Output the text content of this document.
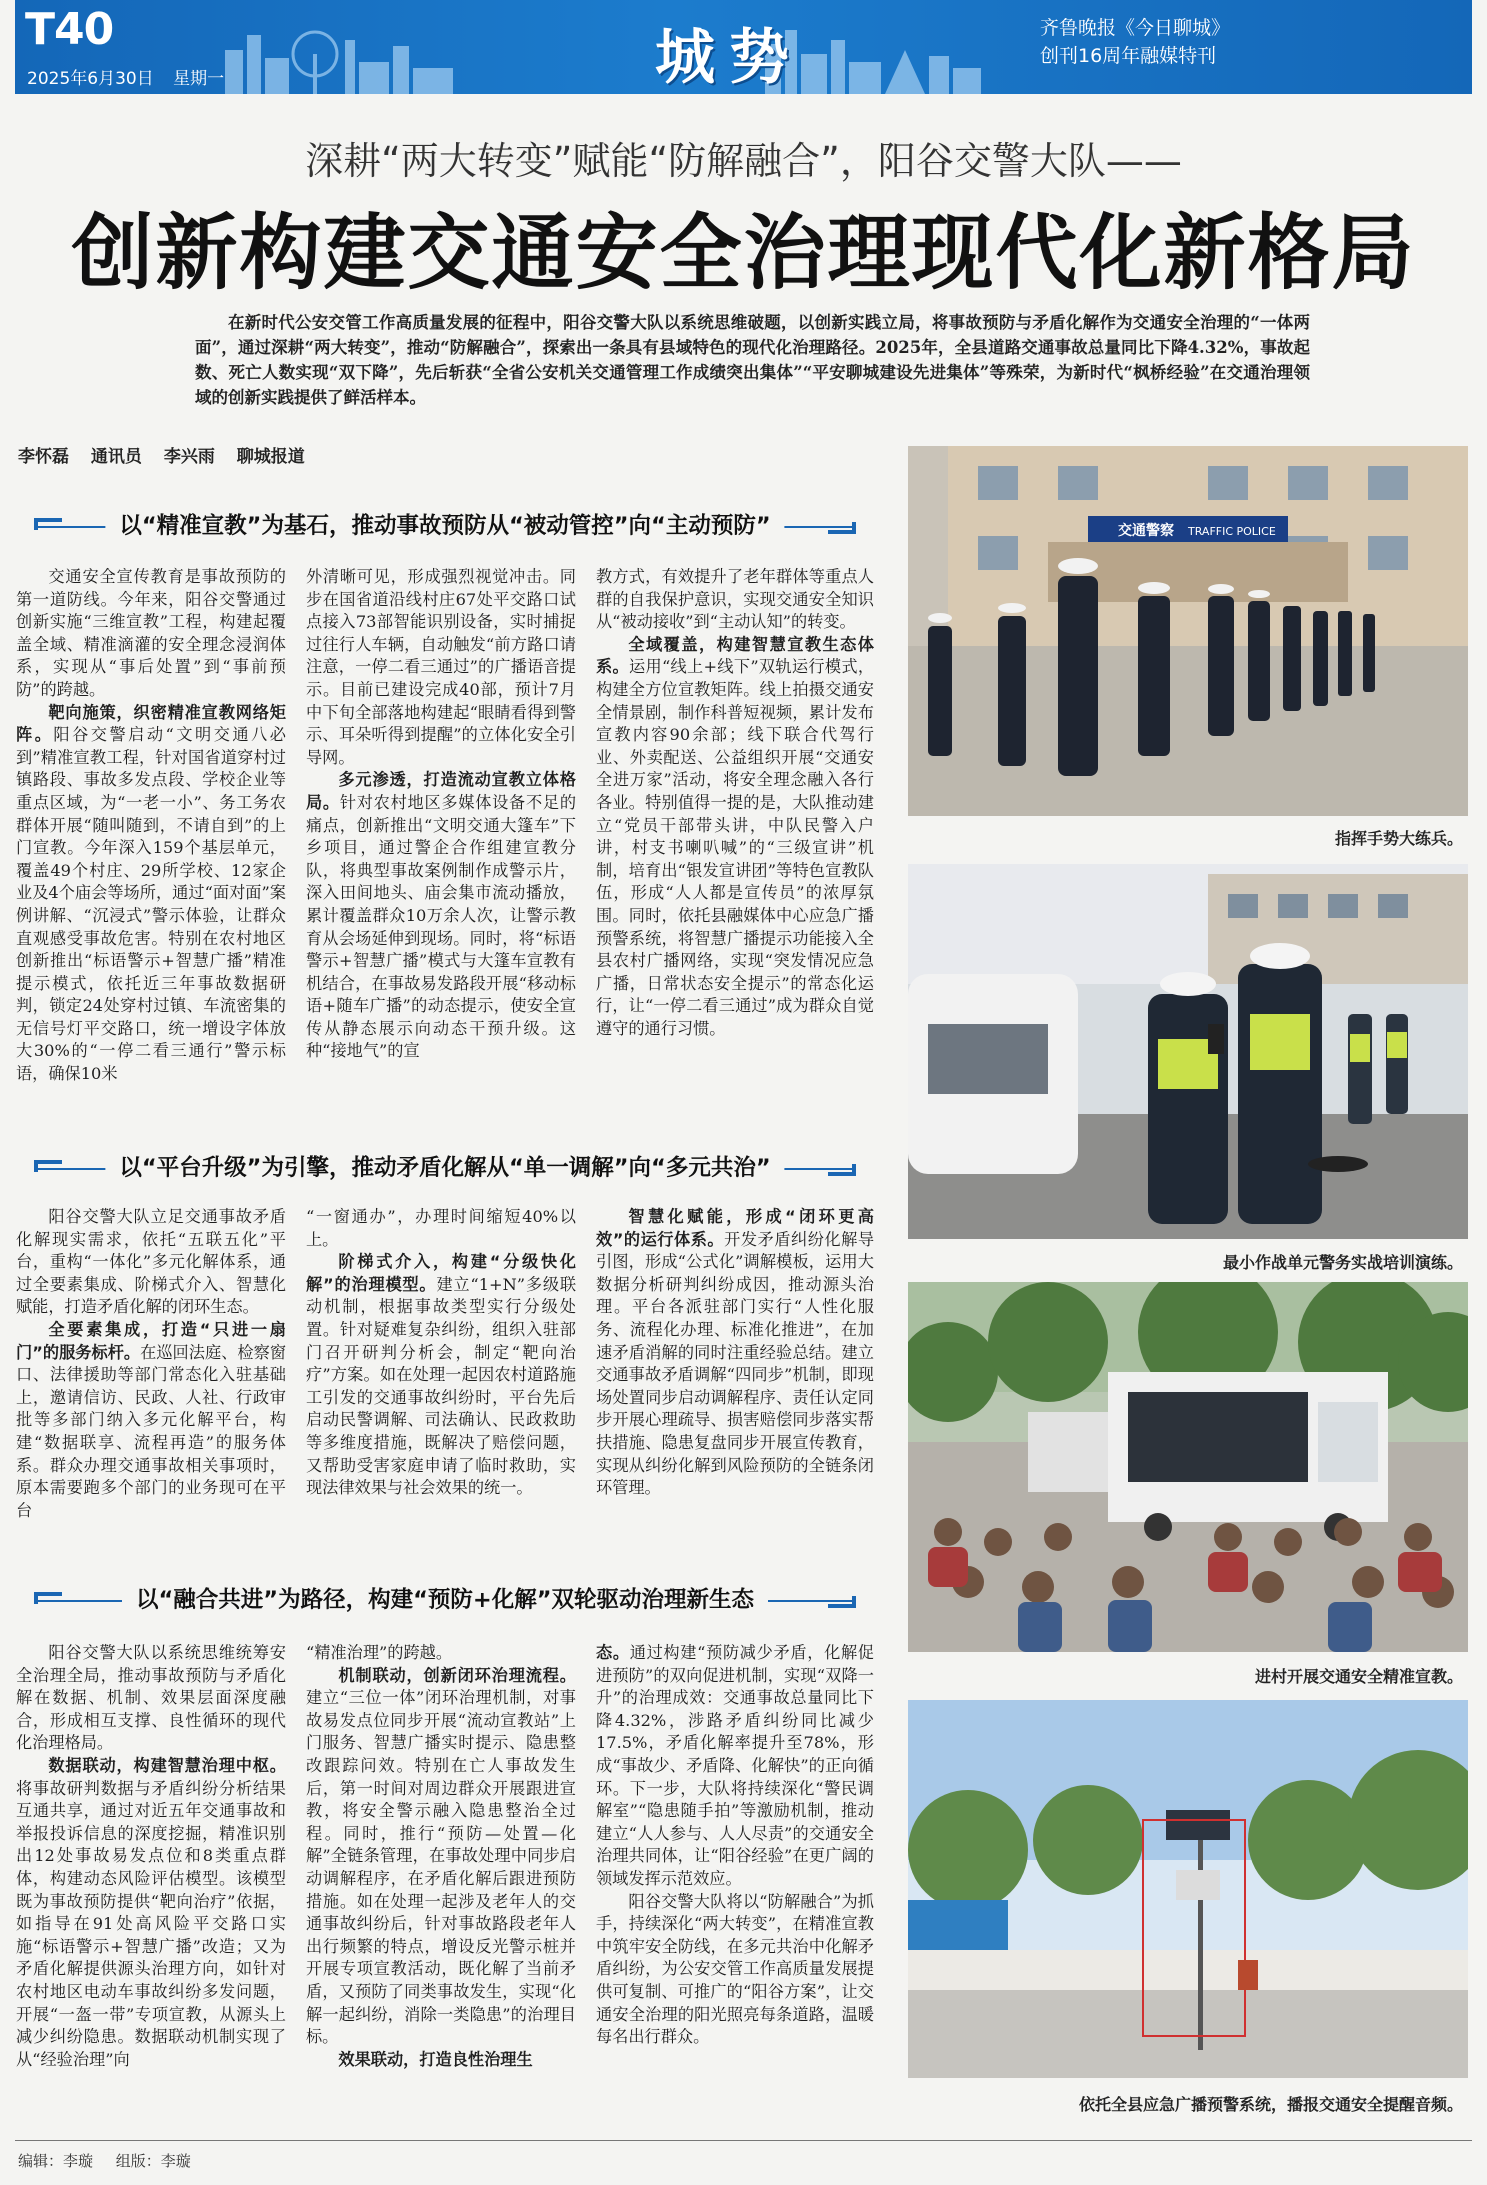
T40
2025年6月30日 星期一	城势	齐鲁晚报《今日聊城》
创刊16周年融媒特刊
深耕“两大转变”赋能“防解融合”，阳谷交警大队——
创新构建交通安全治理现代化新格局
在新时代公安交管工作高质量发展的征程中，阳谷交警大队以系统思维破题，以创新实践立局，将事故预防与矛盾化解作为交通安全治理的“一体两面”，通过深耕“两大转变”，推动“防解融合”，探索出一条具有县域特色的现代化治理路径。2025年，全县道路交通事故总量同比下降4.32%，事故起数、死亡人数实现“双下降”，先后斩获“全省公安机关交通管理工作成绩突出集体”“平安聊城建设先进集体”等殊荣，为新时代“枫桥经验”在交通治理领域的创新实践提供了鲜活样本。
李怀磊 通讯员 李兴雨 聊城报道
以“精准宣教”为基石，推动事故预防从“被动管控”向“主动预防”

交通安全宣传教育是事故预防的第一道防线。今年来，阳谷交警通过创新实施“三维宣教”工程，构建起覆盖全域、精准滴灌的安全理念浸润体系，实现从“事后处置”到“事前预防”的跨越。

靶向施策，织密精准宣教网络矩阵。阳谷交警启动“文明交通八必到”精准宣教工程，针对国省道穿村过镇路段、事故多发点段、学校企业等重点区域，为“一老一小”、务工务农群体开展“随叫随到，不请自到”的上门宣教。今年深入159个基层单元，覆盖49个村庄、29所学校、12家企业及4个庙会等场所，通过“面对面”案例讲解、“沉浸式”警示体验，让群众直观感受事故危害。特别在农村地区创新推出“标语警示+智慧广播”精准提示模式，依托近三年事故数据研判，锁定24处穿村过镇、车流密集的无信号灯平交路口，统一增设字体放大30%的“一停二看三通行”警示标语，确保10米

外清晰可见，形成强烈视觉冲击。同步在国省道沿线村庄67处平交路口试点接入73部智能识别设备，实时捕捉过往行人车辆，自动触发“前方路口请注意，一停二看三通过”的广播语音提示。目前已建设完成40部，预计7月中下旬全部落地构建起“眼睛看得到警示、耳朵听得到提醒”的立体化安全引导网。

多元渗透，打造流动宣教立体格局。针对农村地区多媒体设备不足的痛点，创新推出“文明交通大篷车”下乡项目，通过警企合作组建宣教分队，将典型事故案例制作成警示片，深入田间地头、庙会集市流动播放，累计覆盖群众10万余人次，让警示教育从会场延伸到现场。同时，将“标语警示+智慧广播”模式与大篷车宣教有机结合，在事故易发路段开展“移动标语+随车广播”的动态提示，使安全宣传从静态展示向动态干预升级。这种“接地气”的宣

教方式，有效提升了老年群体等重点人群的自我保护意识，实现交通安全知识从“被动接收”到“主动认知”的转变。

全域覆盖，构建智慧宣教生态体系。运用“线上+线下”双轨运行模式，构建全方位宣教矩阵。线上拍摄交通安全情景剧，制作科普短视频，累计发布宣教内容90余部；线下联合代驾行业、外卖配送、公益组织开展“交通安全进万家”活动，将安全理念融入各行各业。特别值得一提的是，大队推动建立“党员干部带头讲，中队民警入户讲，村支书喇叭喊”的“三级宣讲”机制，培育出“银发宣讲团”等特色宣教队伍，形成“人人都是宣传员”的浓厚氛围。同时，依托县融媒体中心应急广播预警系统，将智慧广播提示功能接入全县农村广播网络，实现“突发情况应急广播，日常状态安全提示”的常态化运行，让“一停二看三通过”成为群众自觉遵守的通行习惯。

以“平台升级”为引擎，推动矛盾化解从“单一调解”向“多元共治”

阳谷交警大队立足交通事故矛盾化解现实需求，依托“五联五化”平台，重构“一体化”多元化解体系，通过全要素集成、阶梯式介入、智慧化赋能，打造矛盾化解的闭环生态。

全要素集成，打造“只进一扇门”的服务标杆。在巡回法庭、检察窗口、法律援助等部门常态化入驻基础上，邀请信访、民政、人社、行政审批等多部门纳入多元化解平台，构建“数据联享、流程再造”的服务体系。群众办理交通事故相关事项时，原本需要跑多个部门的业务现可在平台

“一窗通办”，办理时间缩短40%以上。

阶梯式介入，构建“分级快化解”的治理模型。建立“1+N”多级联动机制，根据事故类型实行分级处置。针对疑难复杂纠纷，组织入驻部门召开研判分析会，制定“靶向治疗”方案。如在处理一起因农村道路施工引发的交通事故纠纷时，平台先后启动民警调解、司法确认、民政救助等多维度措施，既解决了赔偿问题，又帮助受害家庭申请了临时救助，实现法律效果与社会效果的统一。

智慧化赋能，形成“闭环更高效”的运行体系。开发矛盾纠纷化解导引图，形成“公式化”调解模板，运用大数据分析研判纠纷成因，推动源头治理。平台各派驻部门实行“人性化服务、流程化办理、标准化推进”，在加速矛盾消解的同时注重经验总结。建立交通事故矛盾调解“四同步”机制，即现场处置同步启动调解程序、责任认定同步开展心理疏导、损害赔偿同步落实帮扶措施、隐患复盘同步开展宣传教育，实现从纠纷化解到风险预防的全链条闭环管理。

以“融合共进”为路径，构建“预防+化解”双轮驱动治理新生态

阳谷交警大队以系统思维统筹安全治理全局，推动事故预防与矛盾化解在数据、机制、效果层面深度融合，形成相互支撑、良性循环的现代化治理格局。

数据联动，构建智慧治理中枢。将事故研判数据与矛盾纠纷分析结果互通共享，通过对近五年交通事故和举报投诉信息的深度挖掘，精准识别出12处事故易发点位和8类重点群体，构建动态风险评估模型。该模型既为事故预防提供“靶向治疗”依据，如指导在91处高风险平交路口实施“标语警示+智慧广播”改造；又为矛盾化解提供源头治理方向，如针对农村地区电动车事故纠纷多发问题，开展“一盔一带”专项宣教，从源头上减少纠纷隐患。数据联动机制实现了从“经验治理”向

“精准治理”的跨越。

机制联动，创新闭环治理流程。建立“三位一体”闭环治理机制，对事故易发点位同步开展“流动宣教站”上门服务、智慧广播实时提示、隐患整改跟踪问效。特别在亡人事故发生后，第一时间对周边群众开展跟进宣教，将安全警示融入隐患整治全过程。同时，推行“预防—处置—化解”全链条管理，在事故处理中同步启动调解程序，在矛盾化解后跟进预防措施。如在处理一起涉及老年人的交通事故纠纷后，针对事故路段老年人出行频繁的特点，增设反光警示桩并开展专项宣教活动，既化解了当前矛盾，又预防了同类事故发生，实现“化解一起纠纷，消除一类隐患”的治理目标。

效果联动，打造良性治理生

态。通过构建“预防减少矛盾，化解促进预防”的双向促进机制，实现“双降一升”的治理成效：交通事故总量同比下降4.32%，涉路矛盾纠纷同比减少17.5%，矛盾化解率提升至78%，形成“事故少、矛盾降、化解快”的正向循环。下一步，大队将持续深化“警民调解室”“隐患随手拍”等激励机制，推动建立“人人参与、人人尽责”的交通安全治理共同体，让“阳谷经验”在更广阔的领域发挥示范效应。

阳谷交警大队将以“防解融合”为抓手，持续深化“两大转变”，在精准宣教中筑牢安全防线，在多元共治中化解矛盾纠纷，为公安交管工作高质量发展提供可复制、可推广的“阳谷方案”，让交通安全治理的阳光照亮每条道路，温暖每名出行群众。

交通警察 TRAFFIC POLICE
指挥手势大练兵。
最小作战单元警务实战培训演练。
进村开展交通安全精准宣教。
依托全县应急广播预警系统，播报交通安全提醒音频。
编辑：李璇 组版：李璇
